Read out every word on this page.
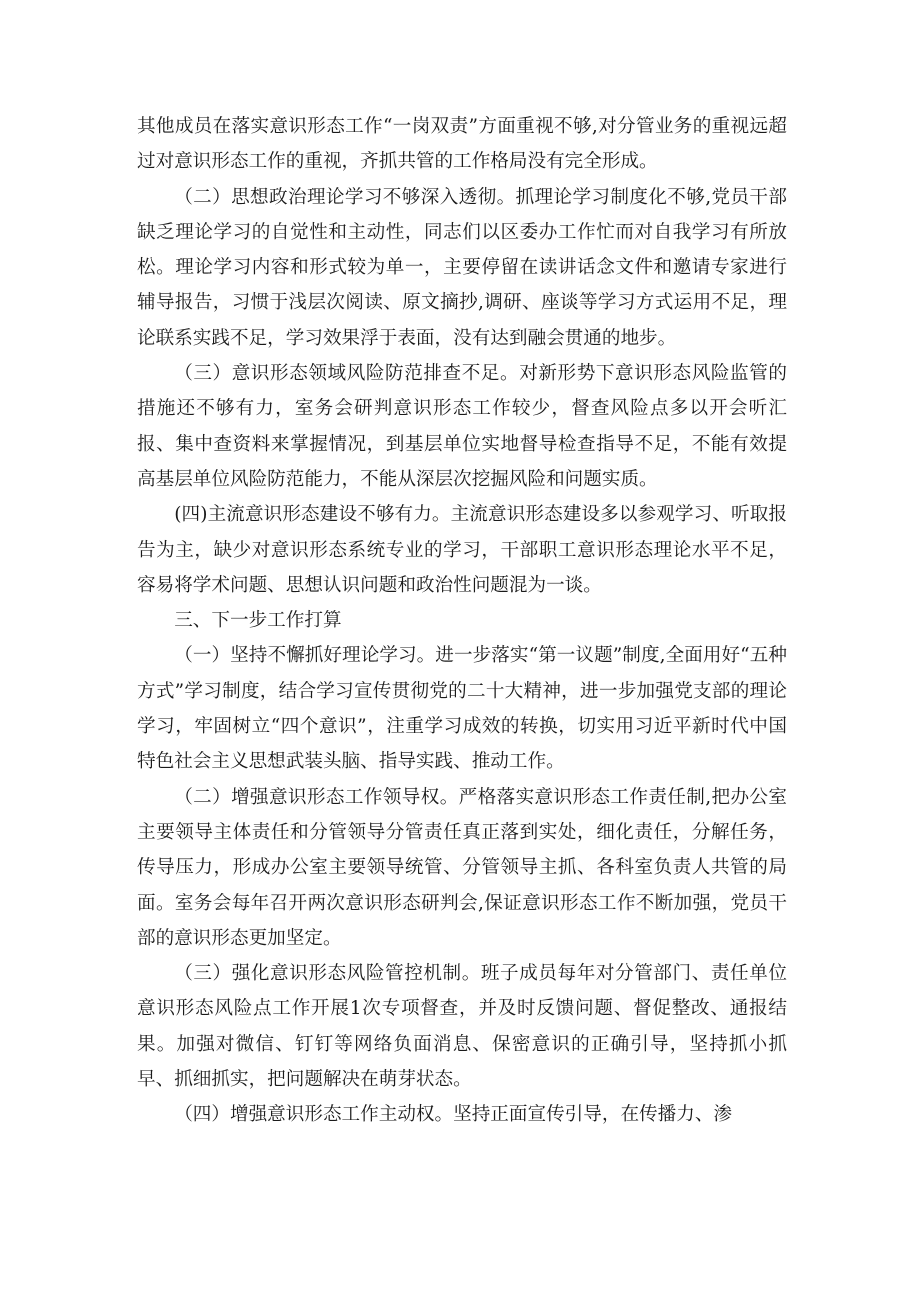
其他成员在落实意识形态工作“一岗双责”方面重视不够,对分管业务的重视远超过对意识形态工作的重视，齐抓共管的工作格局没有完全形成。

（二）思想政治理论学习不够深入透彻。抓理论学习制度化不够,党员干部缺乏理论学习的自觉性和主动性，同志们以区委办工作忙而对自我学习有所放松。理论学习内容和形式较为单一，主要停留在读讲话念文件和邀请专家进行辅导报告，习惯于浅层次阅读、原文摘抄,调研、座谈等学习方式运用不足，理论联系实践不足，学习效果浮于表面，没有达到融会贯通的地步。

（三）意识形态领域风险防范排查不足。对新形势下意识形态风险监管的措施还不够有力，室务会研判意识形态工作较少，督查风险点多以开会听汇报、集中查资料来掌握情况，到基层单位实地督导检查指导不足，不能有效提高基层单位风险防范能力，不能从深层次挖掘风险和问题实质。

(四)主流意识形态建设不够有力。主流意识形态建设多以参观学习、听取报告为主，缺少对意识形态系统专业的学习，干部职工意识形态理论水平不足，容易将学术问题、思想认识问题和政治性问题混为一谈。

三、下一步工作打算

（一）坚持不懈抓好理论学习。进一步落实“第一议题”制度,全面用好“五种方式”学习制度，结合学习宣传贯彻党的二十大精神，进一步加强党支部的理论学习，牢固树立“四个意识”，注重学习成效的转换，切实用习近平新时代中国特色社会主义思想武装头脑、指导实践、推动工作。

（二）增强意识形态工作领导权。严格落实意识形态工作责任制,把办公室主要领导主体责任和分管领导分管责任真正落到实处，细化责任，分解任务，传导压力，形成办公室主要领导统管、分管领导主抓、各科室负责人共管的局面。室务会每年召开两次意识形态研判会,保证意识形态工作不断加强，党员干部的意识形态更加坚定。

（三）强化意识形态风险管控机制。班子成员每年对分管部门、责任单位意识形态风险点工作开展1次专项督查，并及时反馈问题、督促整改、通报结果。加强对微信、钉钉等网络负面消息、保密意识的正确引导，坚持抓小抓早、抓细抓实，把问题解决在萌芽状态。

（四）增强意识形态工作主动权。坚持正面宣传引导，在传播力、渗
